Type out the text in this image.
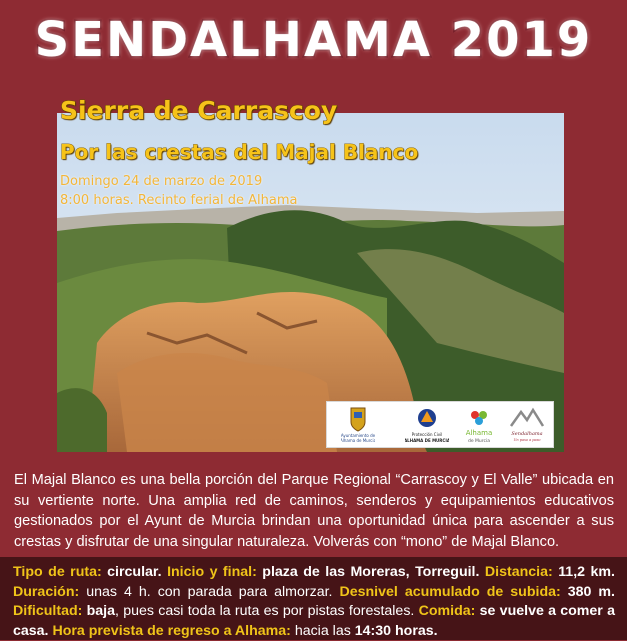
SENDALHAMA 2019
Sierra de Carrascoy
Por las crestas del Majal Blanco
Domingo 24 de marzo de 2019
8:00 horas. Recinto ferial de Alhama
Ayuntamiento de
Alhama de Murcia
Protección Civil
ALHAMA DE MURCIA
Alhama
de Murcia
Sendalhama
Un paso a paso
El Majal Blanco es una bella porción del Parque Regional “Carrascoy y El Valle” ubicada en su vertiente norte. Una amplia red de caminos, senderos y equipamientos educativos gestionados por el Ayunt de Murcia brindan una oportunidad única para ascender a sus crestas y disfrutar de una singular naturaleza. Volverás con “mono” de Majal Blanco.
Tipo de ruta: circular. Inicio y final: plaza de las Moreras, Torreguil. Distancia: 11,2 km. Duración: unas 4 h. con parada para almorzar. Desnivel acumulado de subida: 380 m. Dificultad: baja, pues casi toda la ruta es por pistas forestales. Comida: se vuelve a comer a casa. Hora prevista de regreso a Alhama: hacia las 14:30 horas.
